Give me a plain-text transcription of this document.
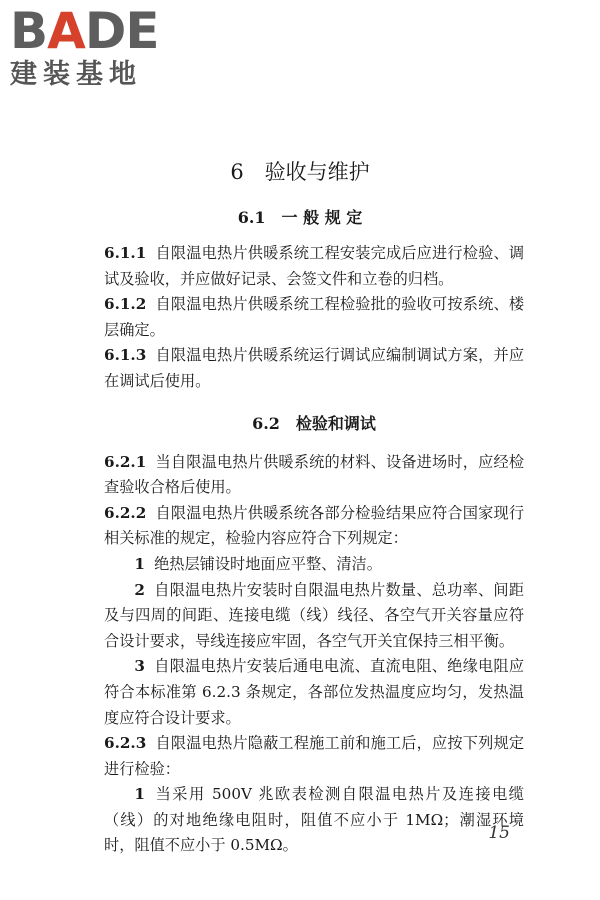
BADE
建装基地
6　验收与维护
6.1　一 般 规 定

6.1.1 自限温电热片供暖系统工程安装完成后应进行检验、调试及验收，并应做好记录、会签文件和立卷的归档。

6.1.2 自限温电热片供暖系统工程检验批的验收可按系统、楼层确定。

6.1.3 自限温电热片供暖系统运行调试应编制调试方案，并应在调试后使用。

6.2　检验和调试

6.2.1 当自限温电热片供暖系统的材料、设备进场时，应经检查验收合格后使用。

6.2.2 自限温电热片供暖系统各部分检验结果应符合国家现行相关标准的规定，检验内容应符合下列规定：

1 绝热层铺设时地面应平整、清洁。

2 自限温电热片安装时自限温电热片数量、总功率、间距及与四周的间距、连接电缆（线）线径、各空气开关容量应符合设计要求，导线连接应牢固，各空气开关宜保持三相平衡。

3 自限温电热片安装后通电电流、直流电阻、绝缘电阻应符合本标准第 6.2.3 条规定，各部位发热温度应均匀，发热温度应符合设计要求。

6.2.3 自限温电热片隐蔽工程施工前和施工后，应按下列规定进行检验：

1 当采用 500V 兆欧表检测自限温电热片及连接电缆（线）的对地绝缘电阻时，阻值不应小于 1MΩ；潮湿环境时，阻值不应小于 0.5MΩ。

15
